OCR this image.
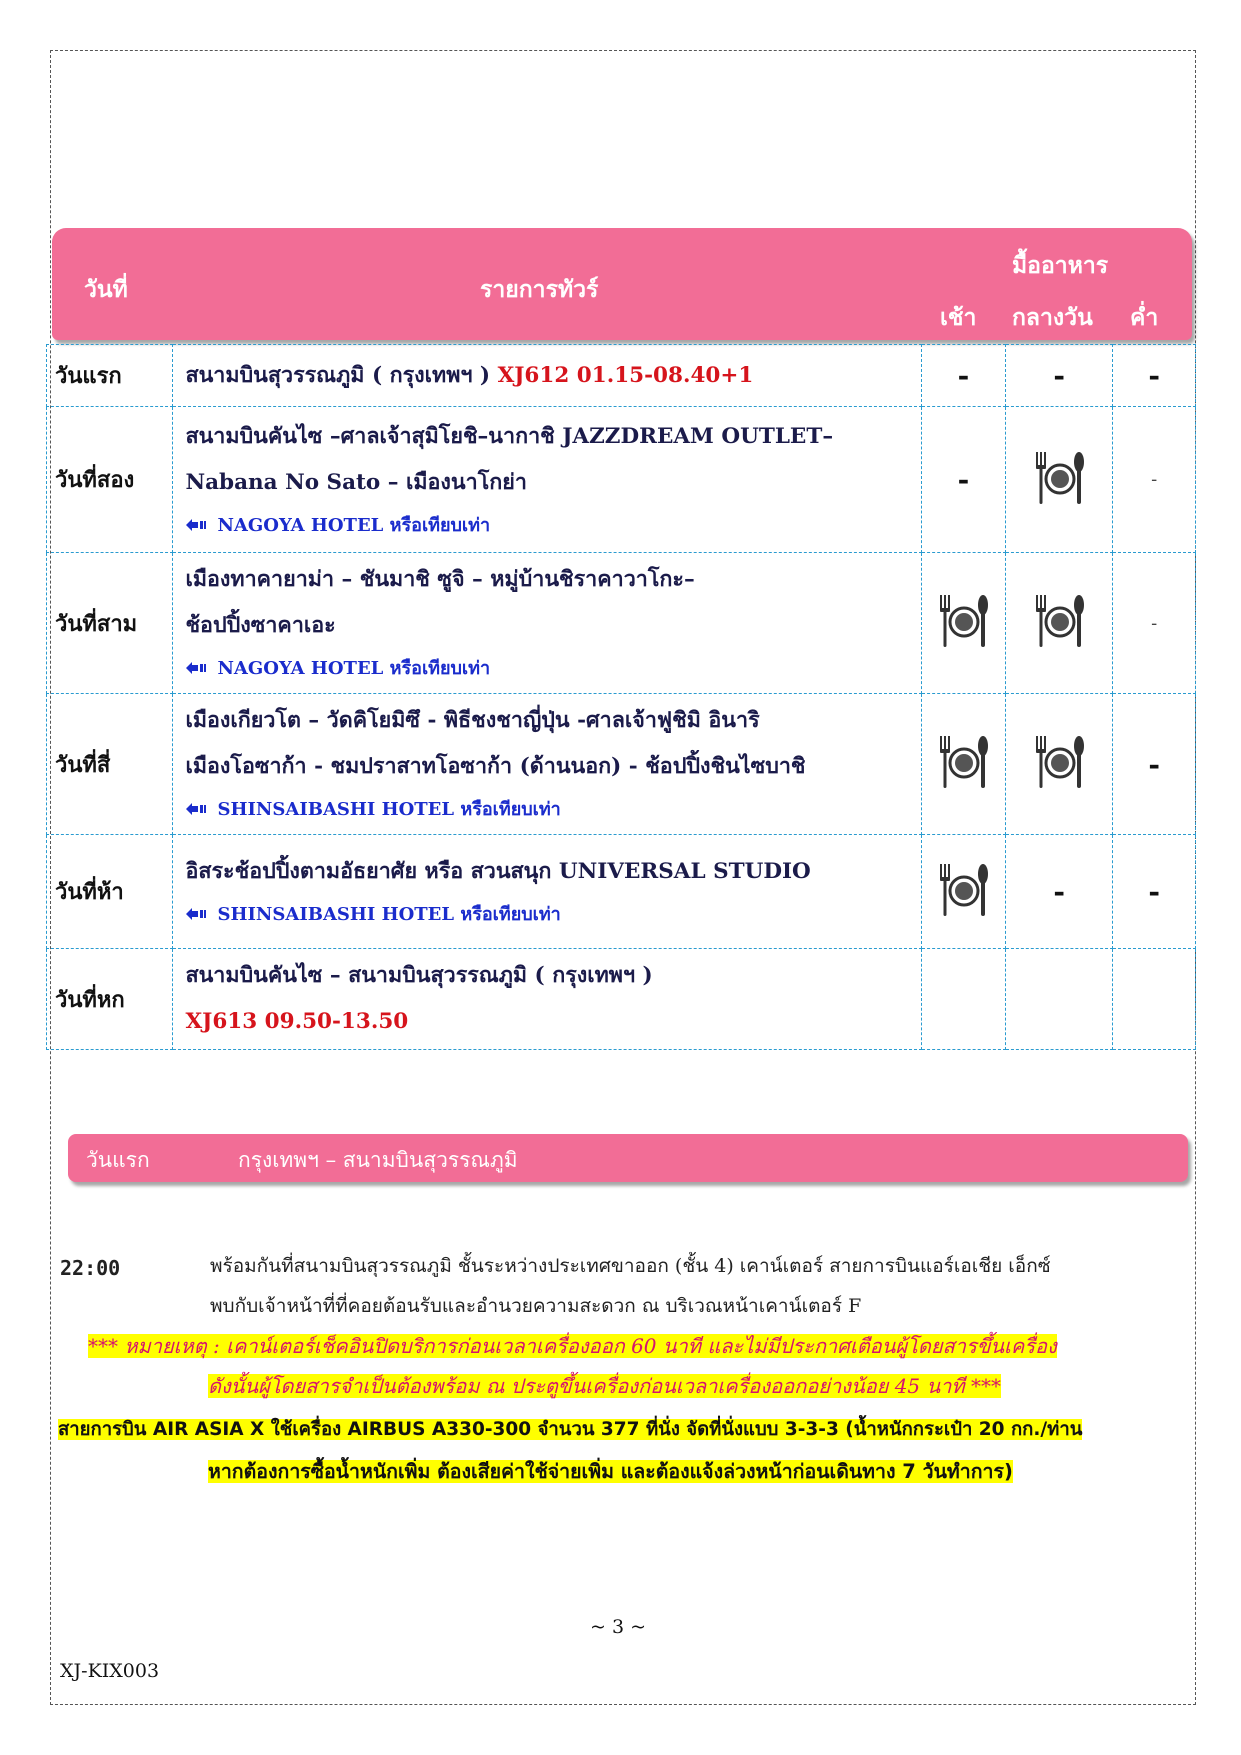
วันที่	รายการทัวร์
มื้ออาหาร
เช้า กลางวัน ค่ำ
วันแรก	สนามบินสุวรรณภูมิ ( กรุงเทพฯ ) XJ612 01.15-08.40+1	-	-	-
วันที่สอง	สนามบินคันไซ –ศาลเจ้าสุมิโยชิ–นากาชิ JAZZDREAM OUTLET–
Nabana No Sato – เมืองนาโกย่า
NAGOYA HOTEL หรือเทียบเท่า	-		-
วันที่สาม	เมืองทาคายาม่า – ชันมาชิ ซูจิ – หมู่บ้านชิราคาวาโกะ–
ช้อปปิ้งซาคาเอะ
NAGOYA HOTEL หรือเทียบเท่า			-
วันที่สี่	เมืองเกียวโต – วัดคิโยมิซึ - พิธีชงชาญี่ปุ่น -ศาลเจ้าฟูชิมิ อินาริ
เมืองโอซาก้า - ชมปราสาทโอซาก้า (ด้านนอก) - ช้อปปิ้งชินไซบาชิ
SHINSAIBASHI HOTEL หรือเทียบเท่า			-
วันที่ห้า	อิสระช้อปปิ้งตามอัธยาศัย หรือ สวนสนุก UNIVERSAL STUDIO
SHINSAIBASHI HOTEL หรือเทียบเท่า		-	-
วันที่หก	สนามบินคันไซ – สนามบินสุวรรณภูมิ ( กรุงเทพฯ )
XJ613 09.50-13.50			

วันแรก	กรุงเทพฯ – สนามบินสุวรรณภูมิ
22:00	พร้อมกันที่สนามบินสุวรรณภูมิ ชั้นระหว่างประเทศขาออก (ชั้น 4) เคาน์เตอร์ สายการบินแอร์เอเชีย เอ็กซ์
พบกับเจ้าหน้าที่ที่คอยต้อนรับและอำนวยความสะดวก ณ บริเวณหน้าเคาน์เตอร์ F
*** หมายเหตุ : เคาน์เตอร์เช็คอินปิดบริการก่อนเวลาเครื่องออก 60 นาที และไม่มีประกาศเตือนผู้โดยสารขึ้นเครื่อง
ดังนั้นผู้โดยสารจำเป็นต้องพร้อม ณ ประตูขึ้นเครื่องก่อนเวลาเครื่องออกอย่างน้อย 45 นาที ***
สายการบิน AIR ASIA X ใช้เครื่อง AIRBUS A330-300 จำนวน 377 ที่นั่ง จัดที่นั่งแบบ 3-3-3 (น้ำหนักกระเป๋า 20 กก./ท่าน
หากต้องการซื้อน้ำหนักเพิ่ม ต้องเสียค่าใช้จ่ายเพิ่ม และต้องแจ้งล่วงหน้าก่อนเดินทาง 7 วันทำการ)
~ 3 ~
XJ-KIX003
